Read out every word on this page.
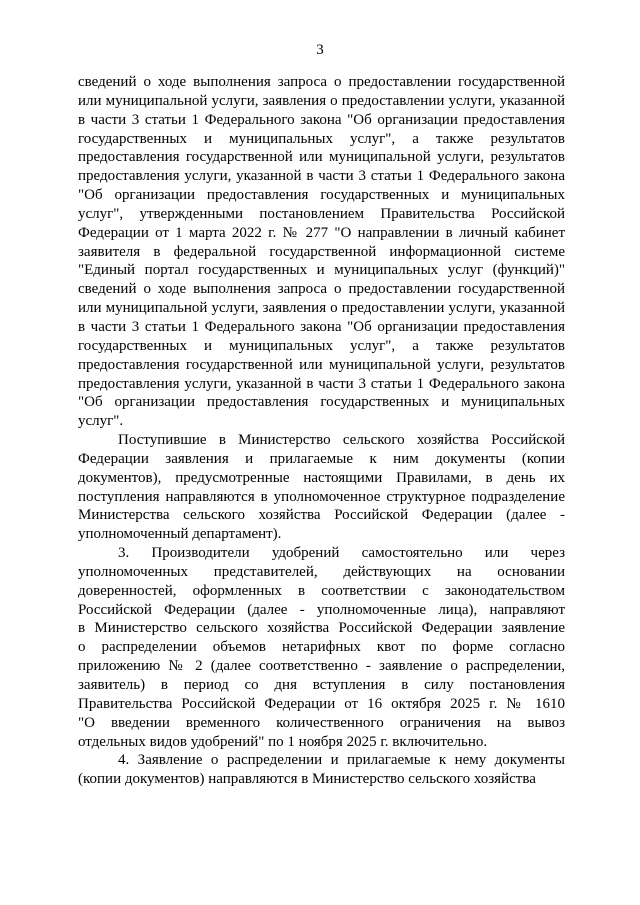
3
сведений о ходе выполнения запроса о предоставлении государственной
или муниципальной услуги, заявления о предоставлении услуги, указанной
в части 3 статьи 1 Федерального закона "Об организации предоставления
государственных и муниципальных услуг", а также результатов
предоставления государственной или муниципальной услуги, результатов
предоставления услуги, указанной в части 3 статьи 1 Федерального закона
"Об организации предоставления государственных и муниципальных
услуг", утвержденными постановлением Правительства Российской
Федерации от 1 марта 2022 г. № 277 "О направлении в личный кабинет
заявителя в федеральной государственной информационной системе
"Единый портал государственных и муниципальных услуг (функций)"
сведений о ходе выполнения запроса о предоставлении государственной
или муниципальной услуги, заявления о предоставлении услуги, указанной
в части 3 статьи 1 Федерального закона "Об организации предоставления
государственных и муниципальных услуг", а также результатов
предоставления государственной или муниципальной услуги, результатов
предоставления услуги, указанной в части 3 статьи 1 Федерального закона
"Об организации предоставления государственных и муниципальных
услуг".
Поступившие в Министерство сельского хозяйства Российской
Федерации заявления и прилагаемые к ним документы (копии
документов), предусмотренные настоящими Правилами, в день их
поступления направляются в уполномоченное структурное подразделение
Министерства сельского хозяйства Российской Федерации (далее -
уполномоченный департамент).
3. Производители удобрений самостоятельно или через
уполномоченных представителей, действующих на основании
доверенностей, оформленных в соответствии с законодательством
Российской Федерации (далее - уполномоченные лица), направляют
в Министерство сельского хозяйства Российской Федерации заявление
о распределении объемов нетарифных квот по форме согласно
приложению № 2 (далее соответственно - заявление о распределении,
заявитель) в период со дня вступления в силу постановления
Правительства Российской Федерации от 16 октября 2025 г. № 1610
"О введении временного количественного ограничения на вывоз
отдельных видов удобрений" по 1 ноября 2025 г. включительно.
4. Заявление о распределении и прилагаемые к нему документы
(копии документов) направляются в Министерство сельского хозяйства
